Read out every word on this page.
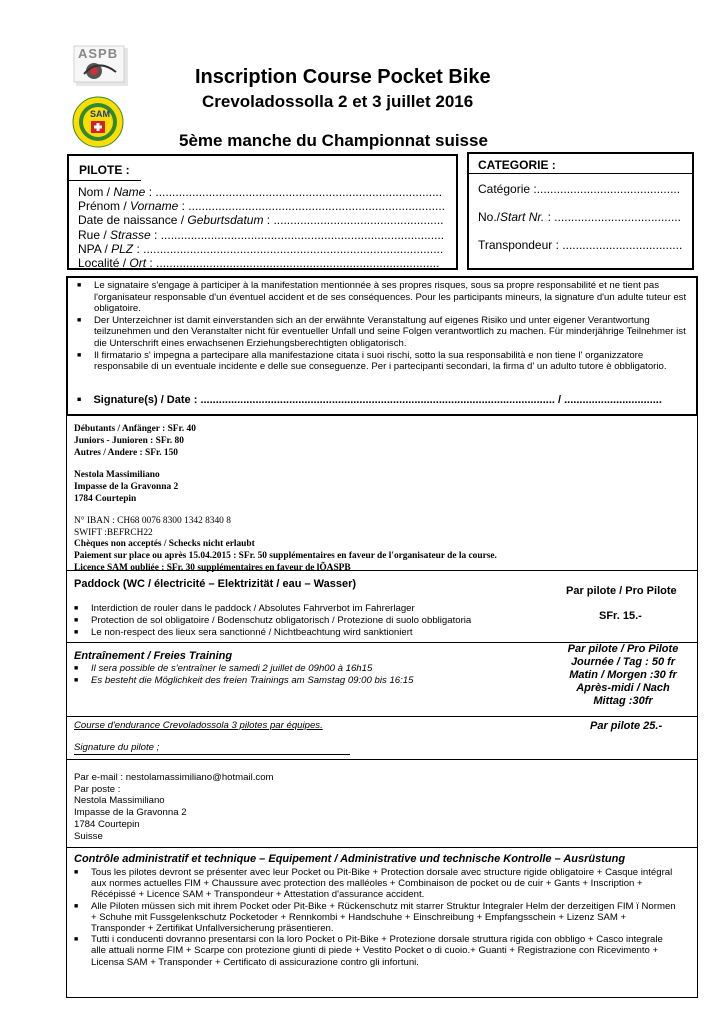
ASPB
SAM
Inscription Course Pocket Bike
Crevoladossolla 2 et 3 juillet 2016
5ème manche du Championnat suisse
PILOTE :
Nom / Name : ......................................................................................
Prénom / Vorname : .............................................................................
Date de naissance / Geburtsdatum : ...................................................
Rue / Strasse : .....................................................................................
NPA / PLZ : ..........................................................................................
Localité / Ort : .....................................................................................
CATEGORIE :
Catégorie :...........................................
No./Start Nr. : ......................................
Transpondeur : ....................................
■ Le signataire s'engage à participer à la manifestation mentionnée à ses propres risques, sous sa propre responsabilité et ne tient pas l'organisateur responsable d'un éventuel accident et de ses conséquences. Pour les participants mineurs, la signature d'un adulte tuteur est obligatoire.
■ Der Unterzeichner ist damit einverstanden sich an der erwähnte Veranstaltung auf eigenes Risiko und unter eigener Verantwortung teilzunehmen und den Veranstalter nicht für eventueller Unfall und seine Folgen verantwortlich zu machen. Für minderjährige Teilnehmer ist die Unterschrift eines erwachsenen Erziehungsberechtigten obligatorisch.
■ Il firmatario s' impegna a partecipare alla manifestazione citata i suoi rischi, sotto la sua responsabilità e non tiene l' organizzatore responsabile di un eventuale incidente e delle sue conseguenze. Per i partecipanti secondari, la firma d' un adulto tutore è obbligatorio.
■ Signature(s) / Date : .................................................................................................................... / ................................
Débutants / Anfänger : SFr. 40
Juniors - Junioren : SFr. 80
Autres / Andere : SFr. 150
Nestola Massimiliano
Impasse de la Gravonna 2
1784 Courtepin
N° IBAN : CH68 0076 8300 1342 8340 8
SWIFT :BEFRCH22
Chèques non acceptés / Schecks nicht erlaubt
Paiement sur place ou après 15.04.2015 : SFr. 50 supplémentaires en faveur de l'organisateur de la course.
Licence SAM oubliée : SFr. 30 supplémentaires en faveur de lÕASPB
Paddock (WC / électricité – Elektrizität / eau – Wasser)
Par pilote / Pro Pilote
SFr. 15.-
■ Interdiction de rouler dans le paddock / Absolutes Fahrverbot im Fahrerlager
■ Protection de sol obligatoire / Bodenschutz obligatorisch / Protezione di suolo obbligatoria
■ Le non-respect des lieux sera sanctionné / Nichtbeachtung wird sanktioniert
Entraînement / Freies Training
■ Il sera possible de s'entraîner le samedi 2 juillet de 09h00 à 16h15
■ Es besteht die Möglichkeit des freien Trainings am Samstag 09:00 bis 16:15
Par pilote / Pro Pilote
Journée / Tag : 50 fr
Matin / Morgen :30 fr
Après-midi / Nach
Mittag :30fr
Course d'endurance Crevoladossola 3 pilotes par équipes.	Par pilote 25.-
Signature du pilote ;
Par e-mail : nestolamassimiliano@hotmail.com
Par poste :
Nestola Massimiliano
Impasse de la Gravonna 2
1784 Courtepin
Suisse
Contrôle administratif et technique – Equipement / Administrative und technische Kontrolle – Ausrüstung
■ Tous les pilotes devront se présenter avec leur Pocket ou Pit-Bike + Protection dorsale avec structure rigide obligatoire + Casque intégral aux normes actuelles FIM + Chaussure avec protection des malléoles + Combinaison de pocket ou de cuir + Gants + Inscription + Récépissé + Licence SAM + Transpondeur + Attestation d'assurance accident.
■ Alle Piloten müssen sich mit ihrem Pocket oder Pit-Bike + Rückenschutz mit starrer Struktur Integraler Helm der derzeitigen FIM ï Normen + Schuhe mit Fussgelenkschutz Pocketoder + Rennkombi + Handschuhe + Einschreibung + Empfangsschein + Lizenz SAM + Transponder + Zertifikat Unfallversicherung präsentieren.
■ Tutti i conducenti dovranno presentarsi con la loro Pocket o Pit-Bike + Protezione dorsale struttura rigida con obbligo + Casco integrale alle attuali norme FIM + Scarpe con protezione giunti di piede + Vestito Pocket o di cuoio.+ Guanti + Registrazione con Ricevimento + Licensa SAM + Transponder + Certificato di assicurazione contro gli infortuni.
